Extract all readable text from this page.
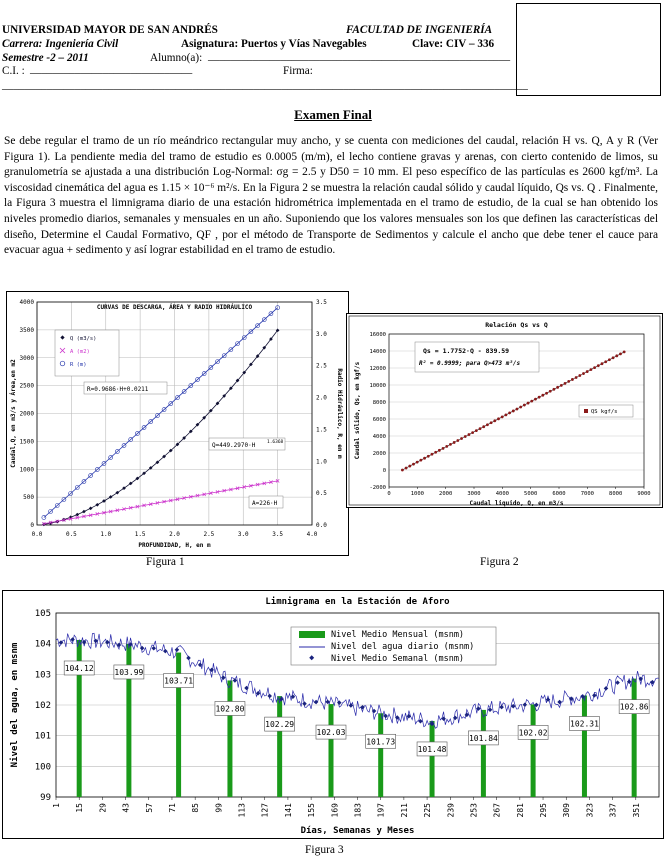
UNIVERSIDAD MAYOR DE SAN ANDRÉS	FACULTAD DE INGENIERÍA
Carrera: Ingeniería Civil	Asignatura: Puertos y Vías Navegables	Clave: CIV – 336
Semestre -2 – 2011	Alumno(a): ______________________________________________________
C.I. : _____________________________	Firma:
______________________________________________________________________________________________
Examen Final
Se debe regular el tramo de un río meándrico rectangular muy ancho, y se cuenta con mediciones del caudal, relación H vs. Q, A y R (Ver Figura 1). La pendiente media del tramo de estudio es 0.0005 (m/m), el lecho contiene gravas y arenas, con cierto contenido de limos, su granulometría se ajustada a una distribución Log-Normal: σg = 2.5 y D50 = 10 mm. El peso específico de las partículas es 2600 kgf/m³. La viscosidad cinemática del agua es 1.15 × 10⁻⁶ m²/s. En la Figura 2 se muestra la relación caudal sólido y caudal líquido, Qs vs. Q . Finalmente, la Figura 3 muestra el limnigrama diario de una estación hidrométrica implementada en el tramo de estudio, de la cual se han obtenido los niveles promedio diarios, semanales y mensuales en un año. Suponiendo que los valores mensuales son los que definen las características del diseño, Determine el Caudal Formativo, QF , por el método de Transporte de Sedimentos y calcule el ancho que debe tener el cauce para evacuar agua + sedimento y así lograr estabilidad en el tramo de estudio.
0.0	0.5	1.0	1.5	2.0	2.5	3.0	3.5	4.0
0
500
1000
1500
2000
2500
3000
3500
4000
0.0
0.5
1.0
1.5
2.0
2.5
3.0
3.5
CURVAS DE DESCARGA, ÁREA Y RADIO HIDRÁULICO
PROFUNDIDAD, H, en m
Caudal,Q, en m3/s y Área,en m2	Radio Hidráulico, R, en m
Q (m3/s)
A (m2)
R (m)
R=0.9686·H+0.0211
Q=449.2970·H	1.6368
A=226·H
Figura 1
-2000
0
2000
4000
6000
8000
10000
12000
14000
16000
0	1000	2000	3000	4000	5000	6000	7000	8000	9000
Relación Qs vs Q
Caudal liquido, Q, en m3/s
Caudal sólido, Qs, en kgf/s
Qs = 1.7752·Q - 839.59
R² = 0.9999; para Q>473 m³/s
QS kgf/s
Figura 2
99
100
101
102
103
104
105
1 15 29 43 57 71 85 99 113 127 141 155 169 183 197 211 225 239 253 267 281 295 309 323 337 351
Limnigrama en la Estación de Aforo
Días, Semanas y Meses
Nivel del agua, en msnm	104.12	103.99
103.71
102.80
102.29
102.03
101.73
101.48
101.84
102.02
102.31
102.86
Nivel Medio Mensual (msnm)
Nivel del agua diario (msnm)
Nivel Medio Semanal (msnm)
Figura 3
